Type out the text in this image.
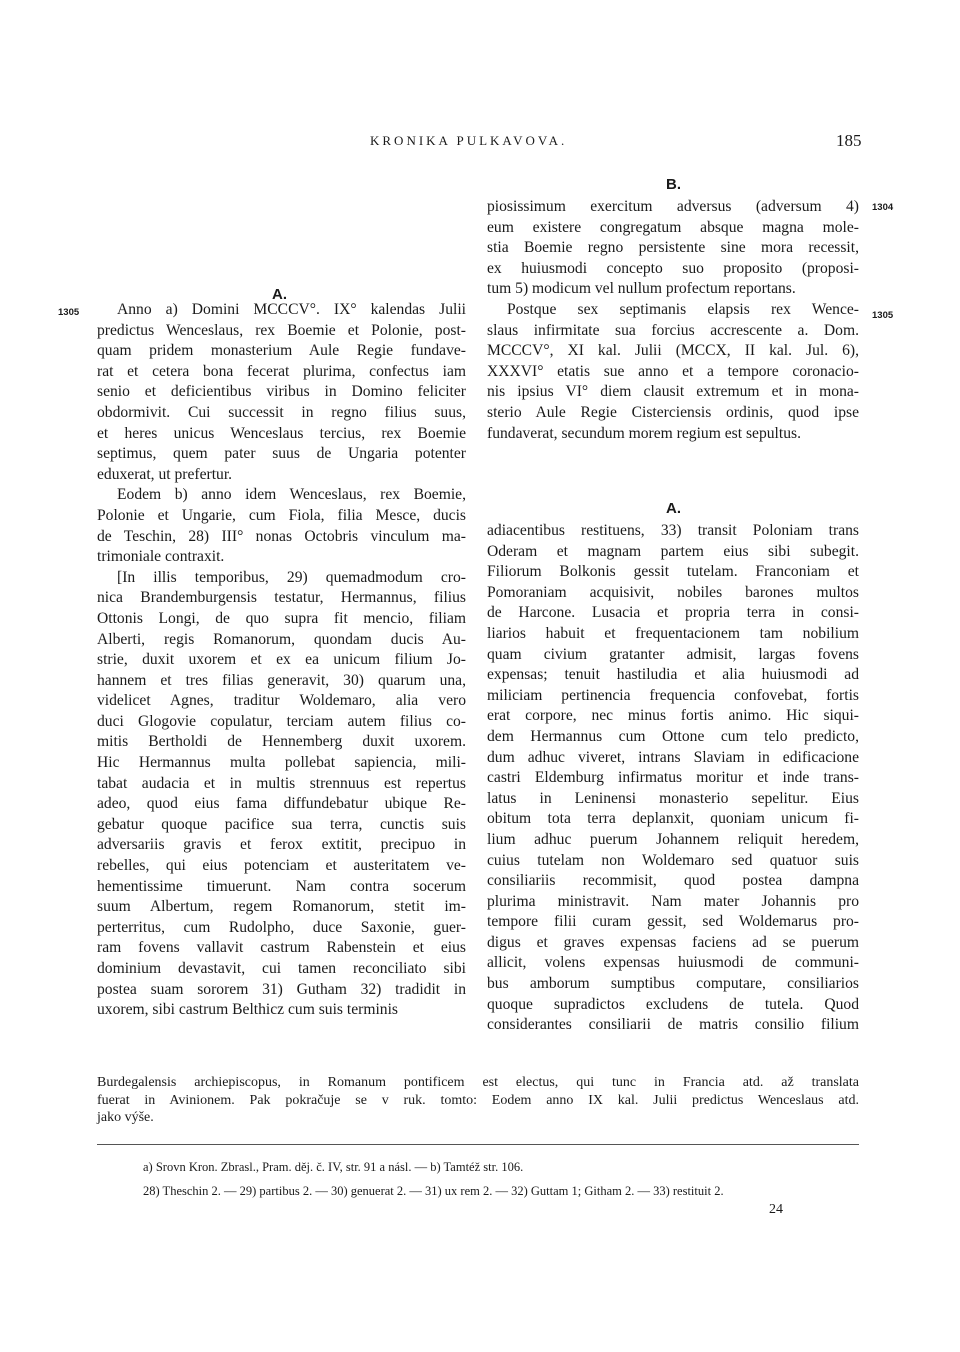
KRONIKA PULKAVOVA.	185
A.
1305	Anno a) Domini MCCCV°. IX° kalendas Julii
predictus Wenceslaus, rex Boemie et Polonie, post-
quam pridem monasterium Aule Regie fundave-
rat et cetera bona fecerat plurima, confectus iam
senio et deficientibus viribus in Domino feliciter
obdormivit. Cui successit in regno filius suus,
et heres unicus Wenceslaus tercius, rex Boemie
septimus, quem pater suus de Ungaria potenter
eduxerat, ut prefertur.
Eodem b) anno idem Wenceslaus, rex Boemie,
Polonie et Ungarie, cum Fiola, filia Mesce, ducis
de Teschin, 28) III° nonas Octobris vinculum ma-
trimoniale contraxit.
[In illis temporibus, 29) quemadmodum cro-
nica Brandemburgensis testatur, Hermannus, filius
Ottonis Longi, de quo supra fit mencio, filiam
Alberti, regis Romanorum, quondam ducis Au-
strie, duxit uxorem et ex ea unicum filium Jo-
hannem et tres filias generavit, 30) quarum una,
videlicet Agnes, traditur Woldemaro, alia vero
duci Glogovie copulatur, terciam autem filius co-
mitis Bertholdi de Hennemberg duxit uxorem.
Hic Hermannus multa pollebat sapiencia, mili-
tabat audacia et in multis strennuus est repertus
adeo, quod eius fama diffundebatur ubique Re-
gebatur quoque pacifice sua terra, cunctis suis
adversariis gravis et ferox extitit, precipuo in
rebelles, qui eius potenciam et austeritatem ve-
hementissime timuerunt. Nam contra socerum
suum Albertum, regem Romanorum, stetit im-
perterritus, cum Rudolpho, duce Saxonie, guer-
ram fovens vallavit castrum Rabenstein et eius
dominium devastavit, cui tamen reconciliato sibi
postea suam sororem 31) Gutham 32) tradidit in
uxorem, sibi castrum Belthicz cum suis terminis
B.
1304
1305
piosissimum exercitum adversus (adversum 4)
eum existere congregatum absque magna mole-
stia Boemie regno persistente sine mora recessit,
ex huiusmodi concepto suo proposito (proposi-
tum 5) modicum vel nullum profectum reportans.
Postque sex septimanis elapsis rex Wence-
slaus infirmitate sua forcius accrescente a. Dom.
MCCCV°, XI kal. Julii (MCCX, II kal. Jul. 6),
XXXVI° etatis sue anno et a tempore coronacio-
nis ipsius VI° diem clausit extremum et in mona-
sterio Aule Regie Cisterciensis ordinis, quod ipse
fundaverat, secundum morem regium est sepultus.
A.
adiacentibus restituens, 33) transit Poloniam trans
Oderam et magnam partem eius sibi subegit.
Filiorum Bolkonis gessit tutelam. Franconiam et
Pomoraniam acquisivit, nobiles barones multos
de Harcone. Lusacia et propria terra in consi-
liarios habuit et frequentacionem tam nobilium
quam civium gratanter admisit, largas fovens
expensas; tenuit hastiludia et alia huiusmodi ad
miliciam pertinencia frequencia confovebat, fortis
erat corpore, nec minus fortis animo. Hic siqui-
dem Hermannus cum Ottone cum telo predicto,
dum adhuc viveret, intrans Slaviam in edificacione
castri Eldemburg infirmatus moritur et inde trans-
latus in Leninensi monasterio sepelitur. Eius
obitum tota terra deplanxit, quoniam unicum fi-
lium adhuc puerum Johannem reliquit heredem,
cuius tutelam non Woldemaro sed quatuor suis
consiliariis recommisit, quod postea dampna
plurima ministravit. Nam mater Johannis pro
tempore filii curam gessit, sed Woldemarus pro-
digus et graves expensas faciens ad se puerum
allicit, volens expensas huiusmodi de communi-
bus amborum sumptibus computare, consiliarios
quoque supradictos excludens de tutela. Quod
considerantes consiliarii de matris consilio filium
Burdegalensis archiepiscopus, in Romanum pontificem est electus, qui tunc in Francia atd. až translata
fuerat in Avinionem. Pak pokračuje se v ruk. tomto: Eodem anno IX kal. Julii predictus Wenceslaus atd.
jako výše.
a) Srovn Kron. Zbrasl., Pram. děj. č. IV, str. 91 a násl. — b) Tamtéž str. 106.
28) Theschin 2. — 29) partibus 2. — 30) genuerat 2. — 31) ux rem 2. — 32) Guttam 1; Githam 2. — 33) restituit 2.
24
